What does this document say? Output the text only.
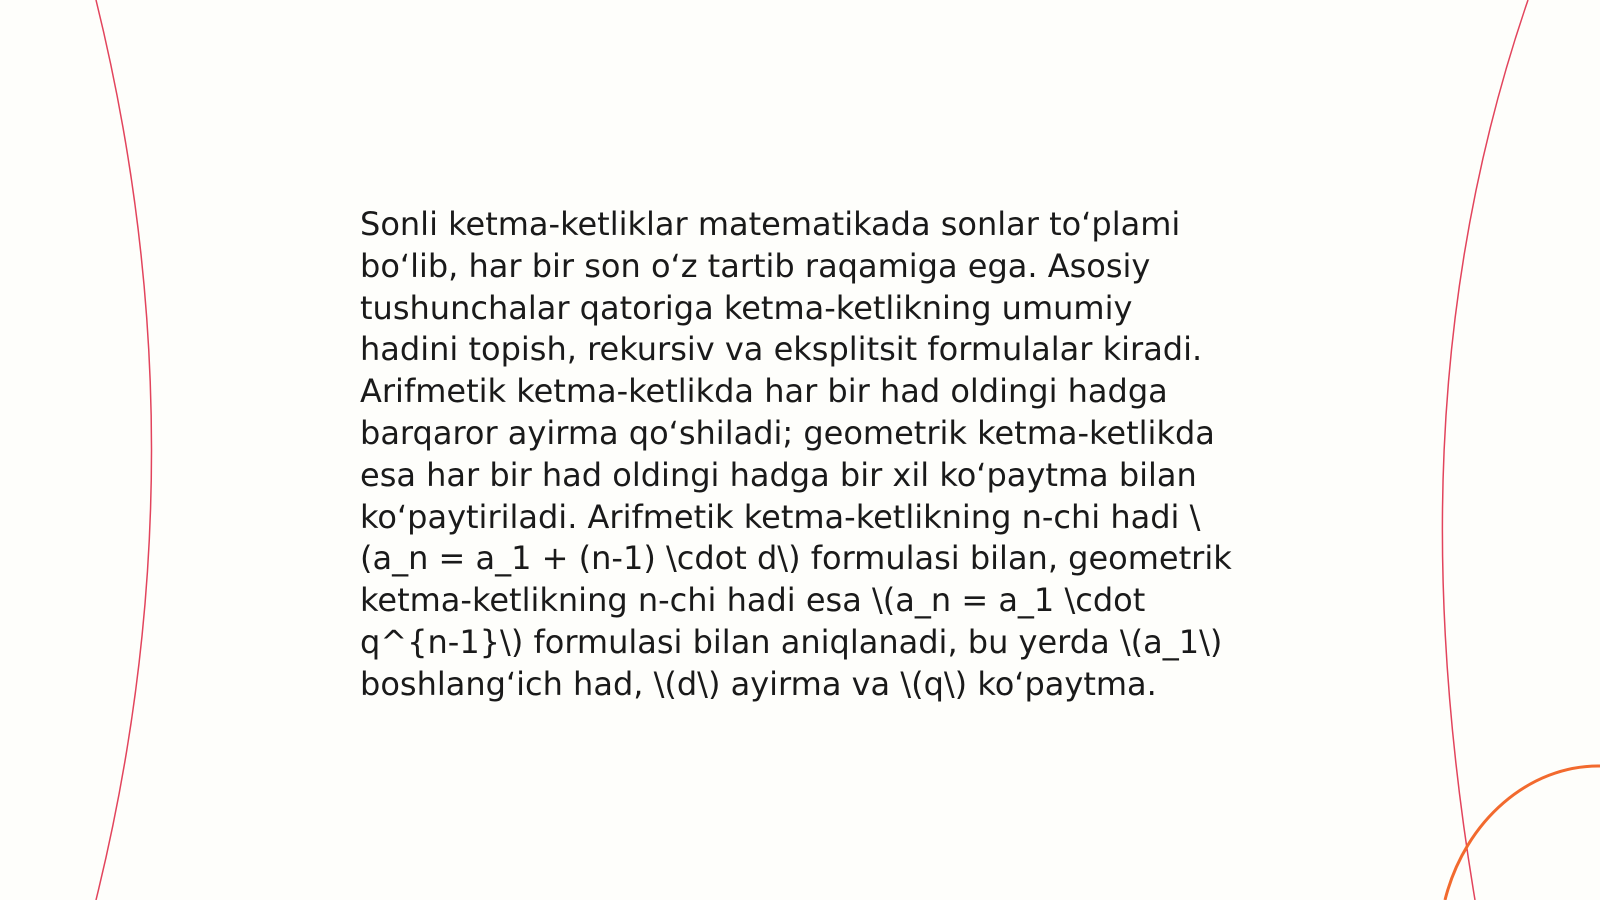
Sonli ketma-ketliklar matematikada sonlar to‘plami bo‘lib, har bir son o‘z tartib raqamiga ega. Asosiy tushunchalar qatoriga ketma-ketlikning umumiy hadini topish, rekursiv va eksplitsit formulalar kiradi. Arifmetik ketma-ketlikda har bir had oldingi hadga barqaror ayirma qo‘shiladi; geometrik ketma-ketlikda esa har bir had oldingi hadga bir xil ko‘paytma bilan ko‘paytiriladi. Arifmetik ketma-ketlikning n-chi hadi \(a_n = a_1 + (n-1) \cdot d\) formulasi bilan, geometrik ketma-ketlikning n-chi hadi esa \(a_n = a_1 \cdot q^{n-1}\) formulasi bilan aniqlanadi, bu yerda \(a_1\) boshlang‘ich had, \(d\) ayirma va \(q\) ko‘paytma.
